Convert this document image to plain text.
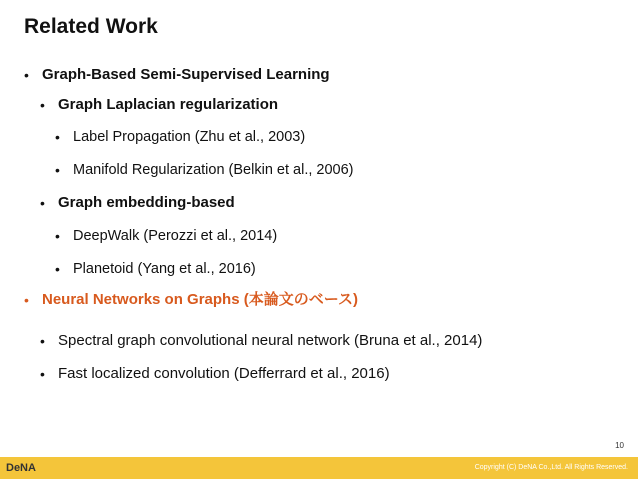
Related Work
• Graph-Based Semi-Supervised Learning
• Graph Laplacian regularization
• Label Propagation (Zhu et al., 2003)
• Manifold Regularization (Belkin et al., 2006)
• Graph embedding-based
• DeepWalk (Perozzi et al., 2014)
• Planetoid (Yang et al., 2016)
• Neural Networks on Graphs (本論文のベース)
• Spectral graph convolutional neural network (Bruna et al., 2014)
• Fast localized convolution (Defferrard et al., 2016)
10
DeNA	Copyright (C) DeNA Co.,Ltd. All Rights Reserved.
